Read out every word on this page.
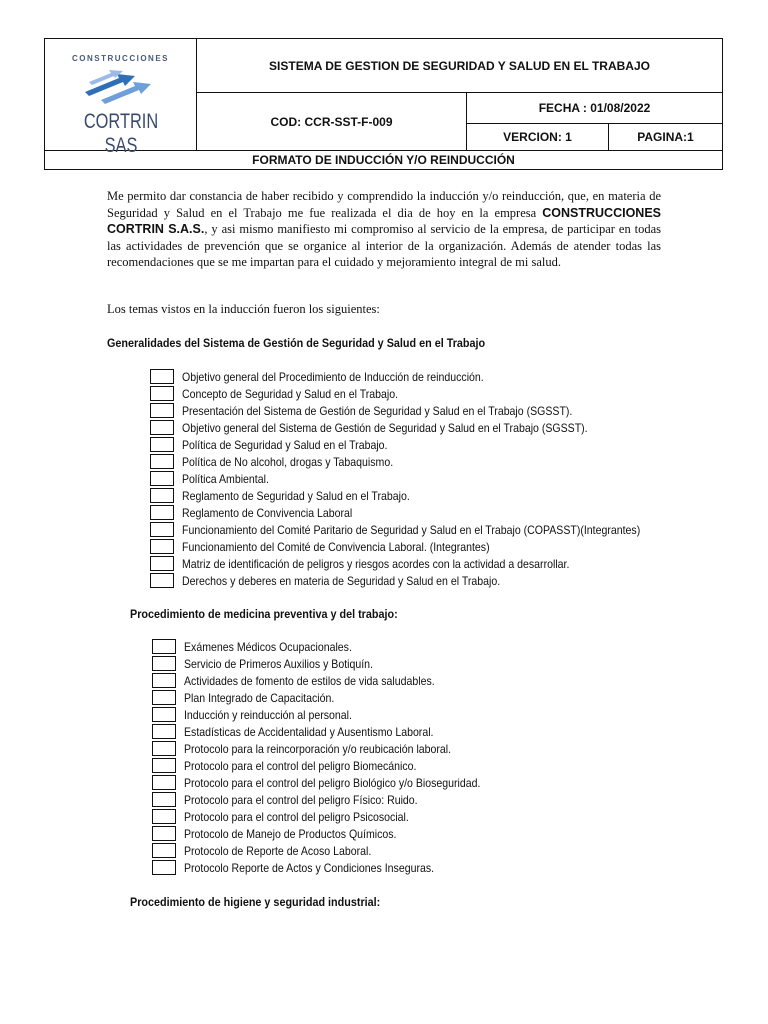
CONSTRUCCIONES
CORTRIN SAS	SISTEMA DE GESTION DE SEGURIDAD Y SALUD EN EL TRABAJO		
	COD: CCR-SST-F-009	FECHA : 01/08/2022	
		VERCION: 1	PAGINA:1
FORMATO DE INDUCCIÓN Y/O REINDUCCIÓN			
Me permito dar constancia de haber recibido y comprendido la inducción y/o reinducción, que, en materia de Seguridad y Salud en el Trabajo me fue realizada el dia de hoy en la empresa CONSTRUCCIONES CORTRIN S.A.S., y asi mismo manifiesto mi compromiso al servicio de la empresa, de participar en todas las actividades de prevención que se organice al interior de la organización. Además de atender todas las recomendaciones que se me impartan para el cuidado y mejoramiento integral de mi salud.
Los temas vistos en la inducción fueron los siguientes:
Generalidades del Sistema de Gestión de Seguridad y Salud en el Trabajo
Objetivo general del Procedimiento de Inducción de reinducción.
Concepto de Seguridad y Salud en el Trabajo.
Presentación del Sistema de Gestión de Seguridad y Salud en el Trabajo (SGSST).
Objetivo general del Sistema de Gestión de Seguridad y Salud en el Trabajo (SGSST).
Política de Seguridad y Salud en el Trabajo.
Política de No alcohol, drogas y Tabaquismo.
Política Ambiental.
Reglamento de Seguridad y Salud en el Trabajo.
Reglamento de Convivencia Laboral
Funcionamiento del Comité Paritario de Seguridad y Salud en el Trabajo (COPASST)(Integrantes)
Funcionamiento del Comité de Convivencia Laboral. (Integrantes)
Matriz de identificación de peligros y riesgos acordes con la actividad a desarrollar.
Derechos y deberes en materia de Seguridad y Salud en el Trabajo.
Procedimiento de medicina preventiva y del trabajo:
Exámenes Médicos Ocupacionales.
Servicio de Primeros Auxilios y Botiquín.
Actividades de fomento de estilos de vida saludables.
Plan Integrado de Capacitación.
Inducción y reinducción al personal.
Estadísticas de Accidentalidad y Ausentismo Laboral.
Protocolo para la reincorporación y/o reubicación laboral.
Protocolo para el control del peligro Biomecánico.
Protocolo para el control del peligro Biológico y/o Bioseguridad.
Protocolo para el control del peligro Físico: Ruido.
Protocolo para el control del peligro Psicosocial.
Protocolo de Manejo de Productos Químicos.
Protocolo de Reporte de Acoso Laboral.
Protocolo Reporte de Actos y Condiciones Inseguras.
Procedimiento de higiene y seguridad industrial:
